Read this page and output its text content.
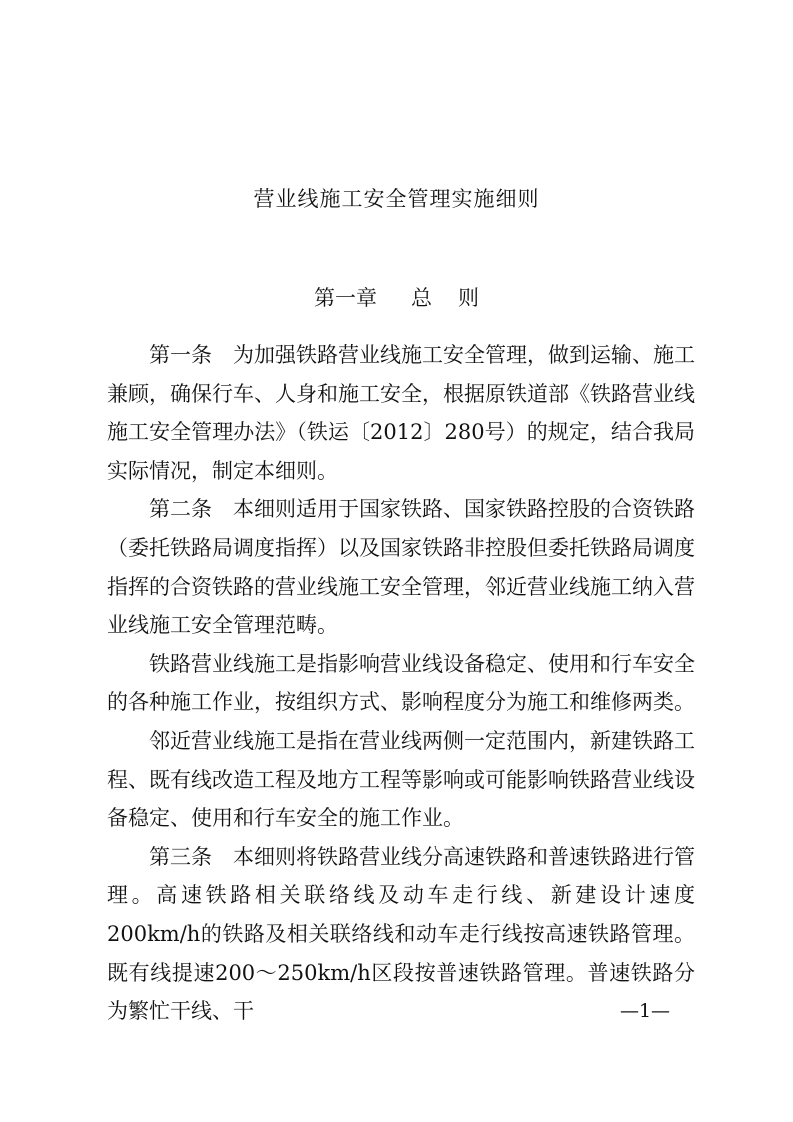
营业线施工安全管理实施细则
第一章 总 则

第一条 为加强铁路营业线施工安全管理，做到运输、施工兼顾，确保行车、人身和施工安全，根据原铁道部《铁路营业线施工安全管理办法》（铁运〔2012〕280号）的规定，结合我局实际情况，制定本细则。

第二条 本细则适用于国家铁路、国家铁路控股的合资铁路（委托铁路局调度指挥）以及国家铁路非控股但委托铁路局调度指挥的合资铁路的营业线施工安全管理，邻近营业线施工纳入营业线施工安全管理范畴。

铁路营业线施工是指影响营业线设备稳定、使用和行车安全的各种施工作业，按组织方式、影响程度分为施工和维修两类。

邻近营业线施工是指在营业线两侧一定范围内，新建铁路工程、既有线改造工程及地方工程等影响或可能影响铁路营业线设备稳定、使用和行车安全的施工作业。

第三条 本细则将铁路营业线分高速铁路和普速铁路进行管理。高速铁路相关联络线及动车走行线、新建设计速度200km/h的铁路及相关联络线和动车走行线按高速铁路管理。既有线提速200～250km/h区段按普速铁路管理。普速铁路分为繁忙干线、干	—1—
